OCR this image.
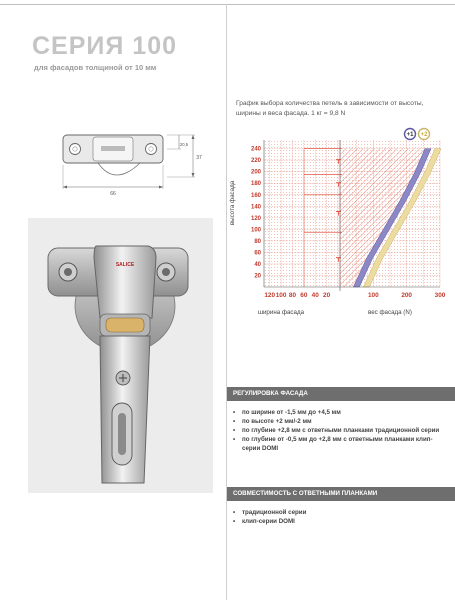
СЕРИЯ 100
для фасадов толщиной от 10 мм
66
37
20,5
SALICE
График выбора количества петель в зависимости от высоты, ширины и веса фасада. 1 кг = 9,8 N
20
40
60
80
100
120
140
160
180
200
220
240
120 100 80 60 40 20	100	200	300
высота фасада
ширина фасада	вес фасада (N)
+1 +2
РЕГУЛИРОВКА ФАСАДА
• по ширине от -1,5 мм до +4,5 мм
• по высоте +2 мм/-2 мм
• по глубине +2,8 мм с ответными планками традиционной серии
• по глубине от -0,5 мм до +2,8 мм с ответными планками клип-серии DOMI
СОВМЕСТИМОСТЬ С ОТВЕТНЫМИ ПЛАНКАМИ
• традиционной серии
• клип-серии DOMI
